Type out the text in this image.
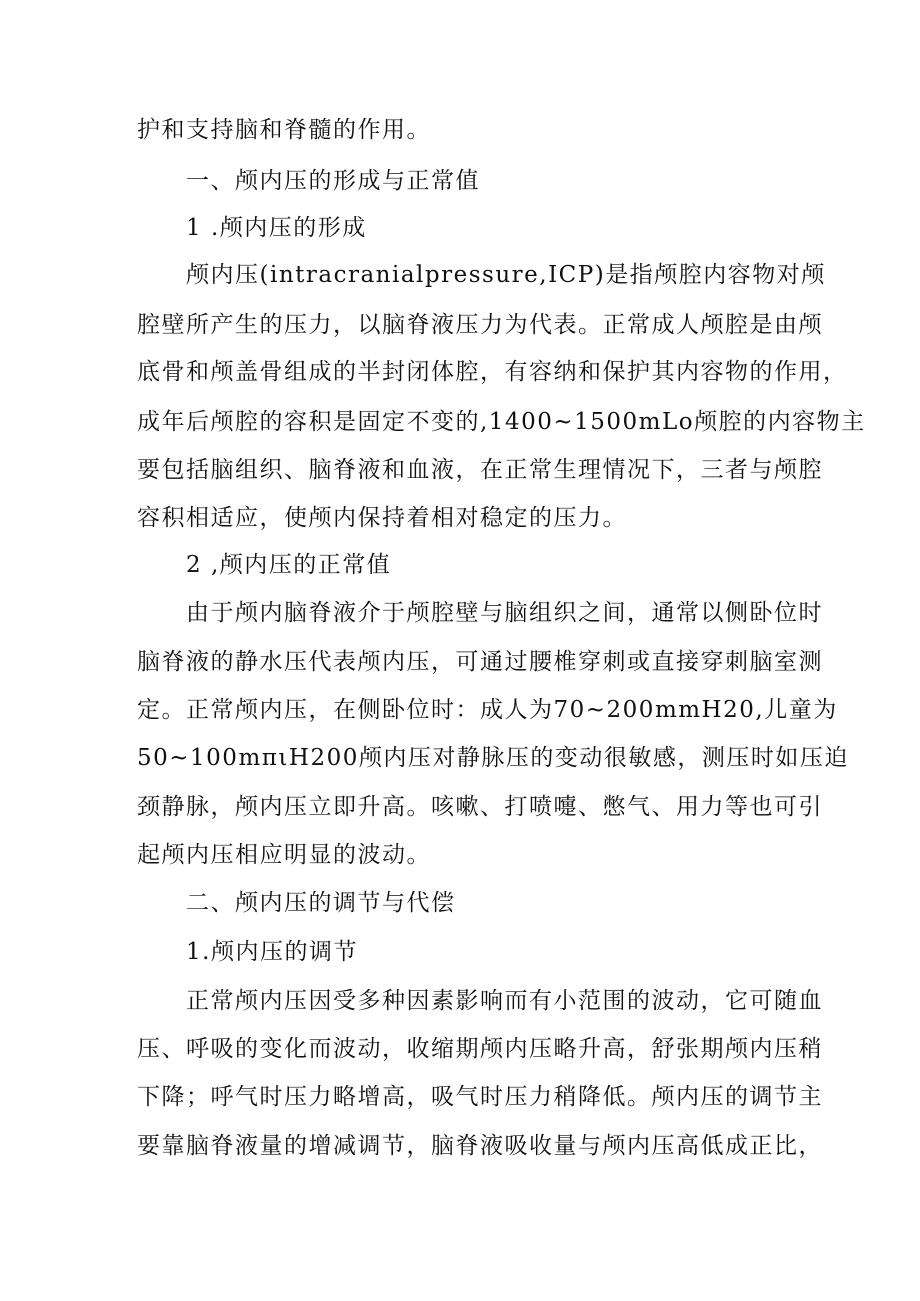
护和支持脑和脊髓的作用。
一、颅内压的形成与正常值
1 .颅内压的形成
颅内压(intracranialpressure,ICP)是指颅腔内容物对颅
腔壁所产生的压力，以脑脊液压力为代表。正常成人颅腔是由颅
底骨和颅盖骨组成的半封闭体腔，有容纳和保护其内容物的作用，
成年后颅腔的容积是固定不变的,1400~1500mLo颅腔的内容物主
要包括脑组织、脑脊液和血液，在正常生理情况下，三者与颅腔
容积相适应，使颅内保持着相对稳定的压力。
2 ,颅内压的正常值
由于颅内脑脊液介于颅腔壁与脑组织之间，通常以侧卧位时
脑脊液的静水压代表颅内压，可通过腰椎穿刺或直接穿刺脑室测
定。正常颅内压，在侧卧位时：成人为70~200mmH20,儿童为
50~100mπιH200颅内压对静脉压的变动很敏感，测压时如压迫
颈静脉，颅内压立即升高。咳嗽、打喷嚏、憋气、用力等也可引
起颅内压相应明显的波动。
二、颅内压的调节与代偿
1.颅内压的调节
正常颅内压因受多种因素影响而有小范围的波动，它可随血
压、呼吸的变化而波动，收缩期颅内压略升高，舒张期颅内压稍
下降；呼气时压力略增高，吸气时压力稍降低。颅内压的调节主
要靠脑脊液量的增减调节，脑脊液吸收量与颅内压高低成正比，
